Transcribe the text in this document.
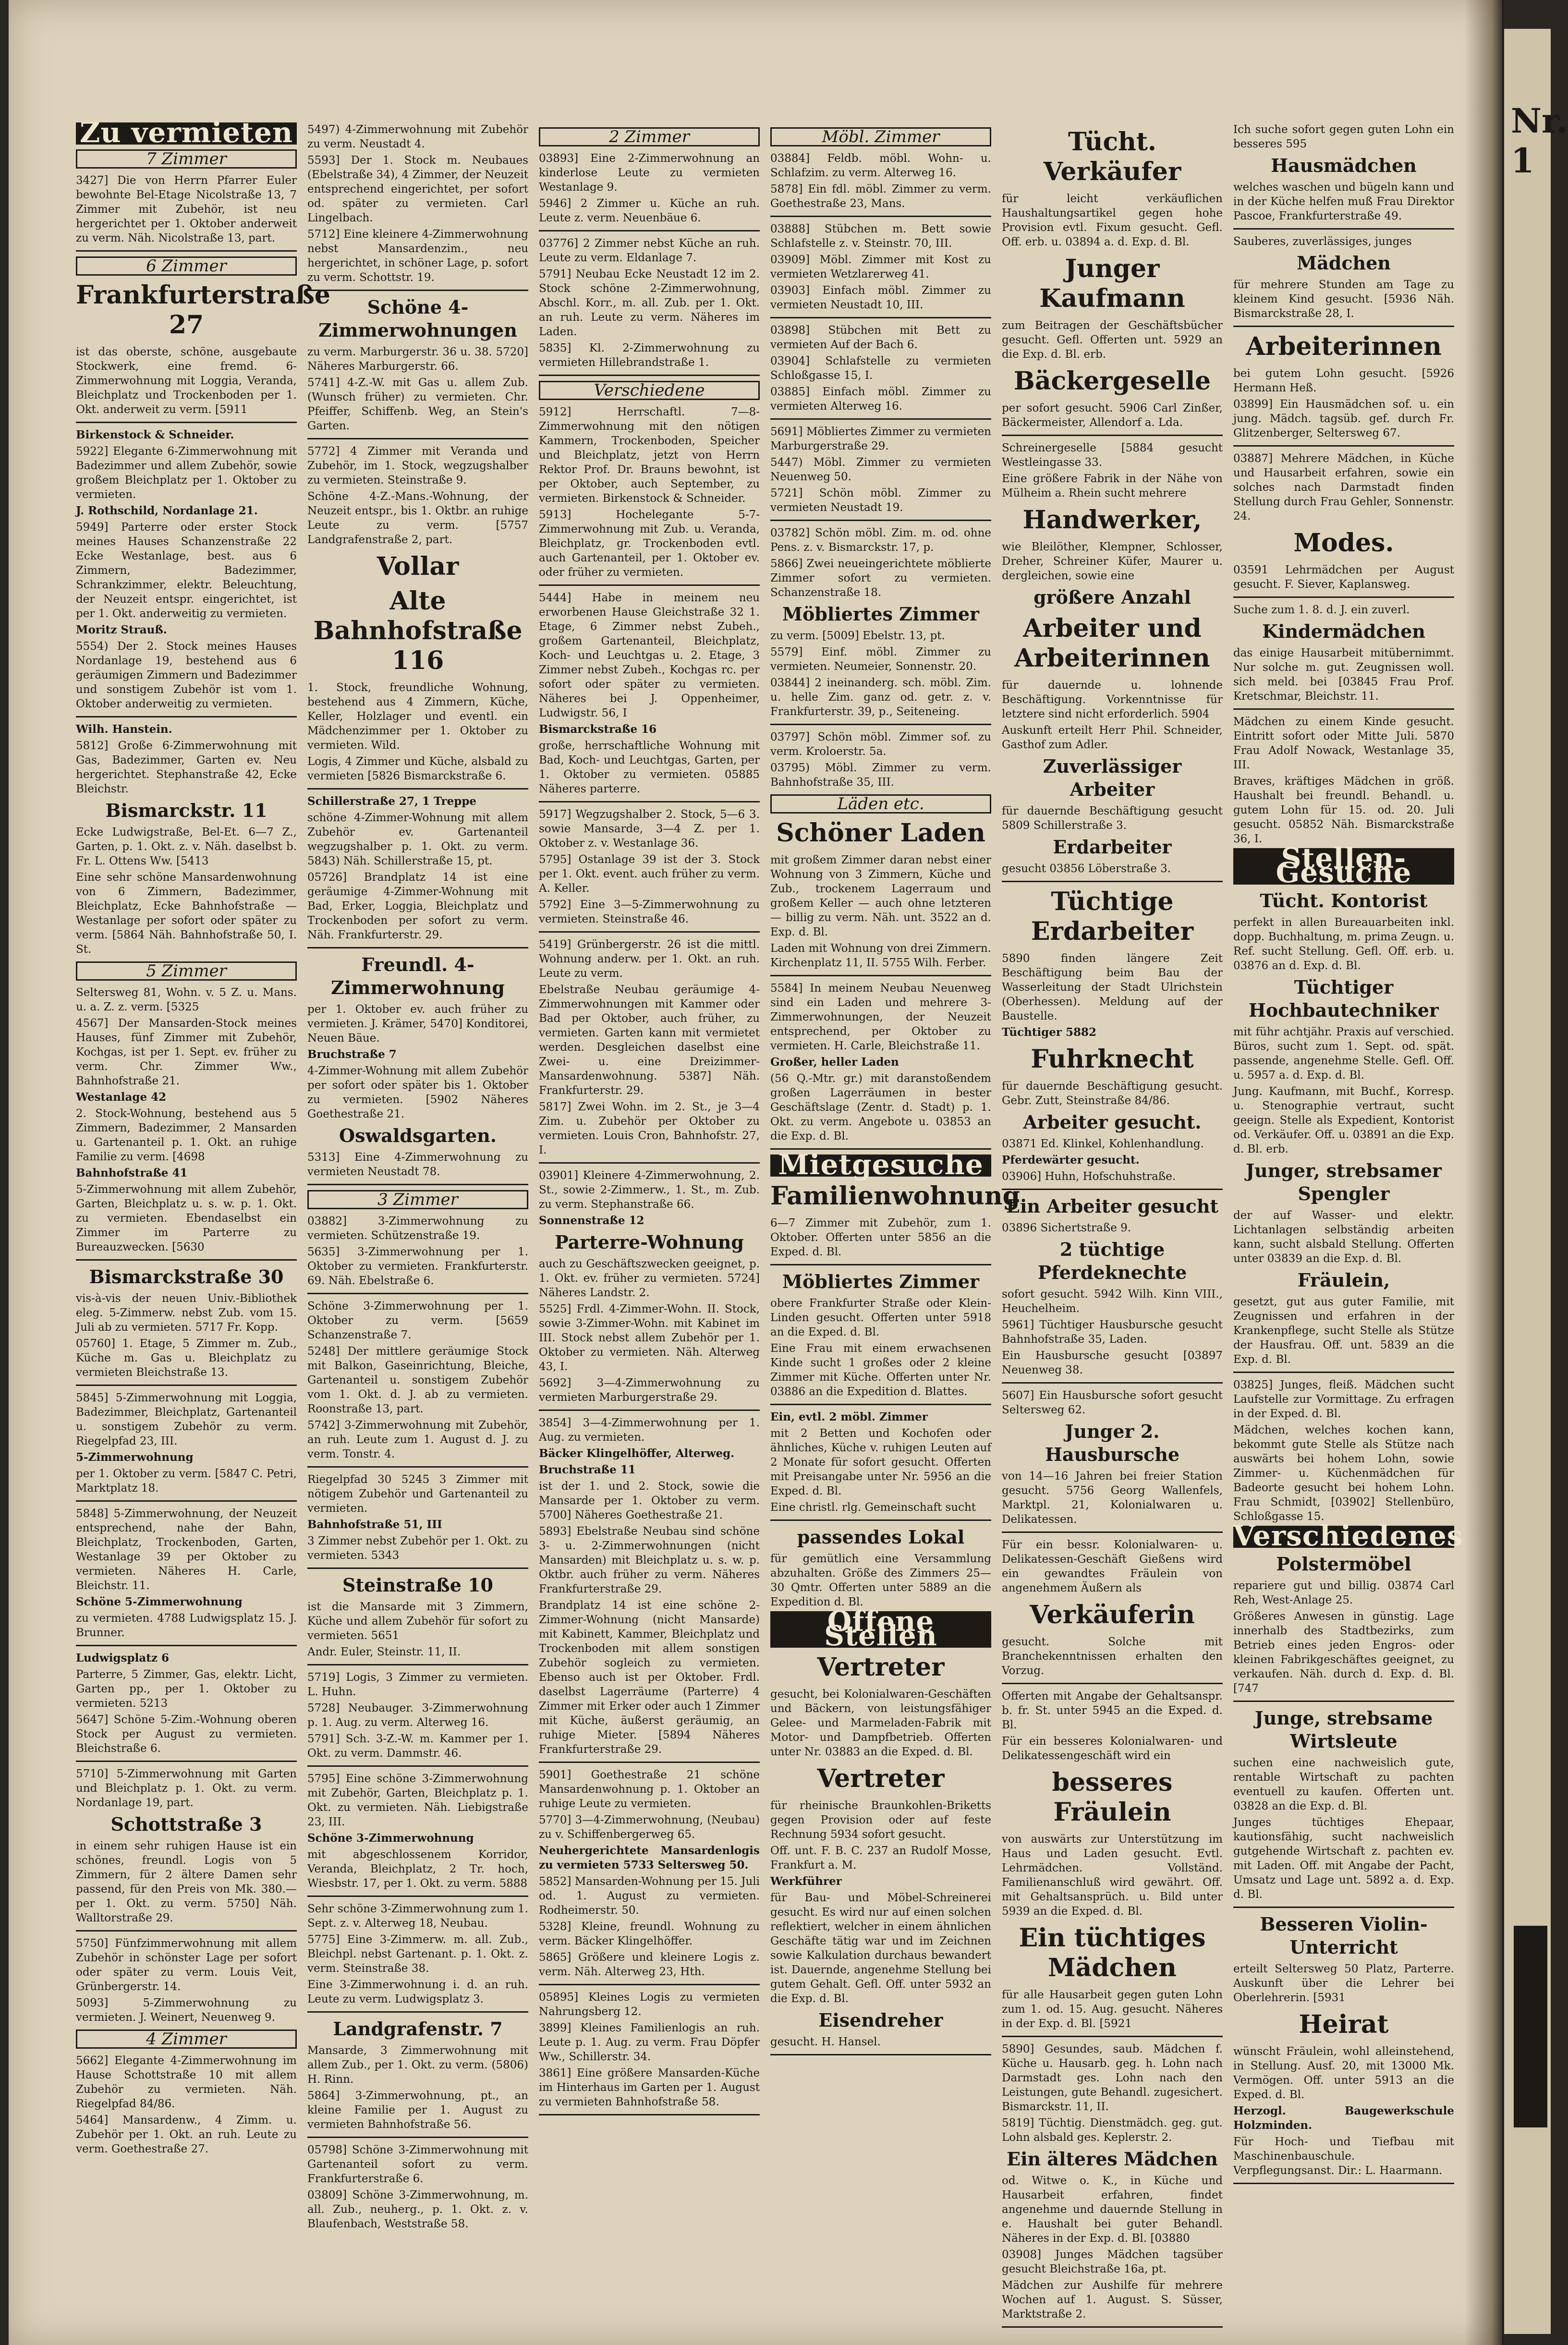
Zu vermieten
7 Zimmer

3427] Die von Herrn Pfarrer Euler bewohnte Bel-Etage Nicolstraße 13, 7 Zimmer mit Zubehör, ist neu hergerichtet per 1. Oktober anderweit zu verm. Näh. Nicolstraße 13, part.

6 Zimmer
Frankfurterstraße 27

ist das oberste, schöne, ausgebaute Stockwerk, eine fremd. 6-Zimmerwohnung mit Loggia, Veranda, Bleichplatz und Trockenboden per 1. Okt. anderweit zu verm. [5911

Birkenstock & Schneider.

5922] Elegante 6-Zimmerwohnung mit Badezimmer und allem Zubehör, sowie großem Bleichplatz per 1. Oktober zu vermieten.

J. Rothschild, Nordanlage 21.

5949] Parterre oder erster Stock meines Hauses Schanzenstraße 22 Ecke Westanlage, best. aus 6 Zimmern, Badezimmer, Schrankzimmer, elektr. Beleuchtung, der Neuzeit entspr. eingerichtet, ist per 1. Okt. anderweitig zu vermieten.

Moritz Strauß.

5554) Der 2. Stock meines Hauses Nordanlage 19, bestehend aus 6 geräumigen Zimmern und Badezimmer und sonstigem Zubehör ist vom 1. Oktober anderweitig zu vermieten.

Wilh. Hanstein.

5812] Große 6-Zimmerwohnung mit Gas, Badezimmer, Garten ev. Neu hergerichtet. Stephanstraße 42, Ecke Bleichstr.

Bismarckstr. 11

Ecke Ludwigstraße, Bel-Et. 6—7 Z., Garten, p. 1. Okt. z. v. Näh. daselbst b. Fr. L. Ottens Ww. [5413

Eine sehr schöne Mansardenwohnung von 6 Zimmern, Badezimmer, Bleichplatz, Ecke Bahnhofstraße — Westanlage per sofort oder später zu verm. [5864 Näh. Bahnhofstraße 50, I. St.

5 Zimmer

Seltersweg 81, Wohn. v. 5 Z. u. Mans. u. a. Z. z. verm. [5325

4567] Der Mansarden-Stock meines Hauses, fünf Zimmer mit Zubehör, Kochgas, ist per 1. Sept. ev. früher zu verm. Chr. Zimmer Ww., Bahnhofstraße 21.

Westanlage 42

2. Stock-Wohnung, bestehend aus 5 Zimmern, Badezimmer, 2 Mansarden u. Gartenanteil p. 1. Okt. an ruhige Familie zu verm. [4698

Bahnhofstraße 41

5-Zimmerwohnung mit allem Zubehör, Garten, Bleichplatz u. s. w. p. 1. Okt. zu vermieten. Ebendaselbst ein Zimmer im Parterre zu Bureauzwecken. [5630

Bismarckstraße 30

vis-à-vis der neuen Univ.-Bibliothek eleg. 5-Zimmerw. nebst Zub. vom 15. Juli ab zu vermieten. 5717 Fr. Kopp.

05760] 1. Etage, 5 Zimmer m. Zub., Küche m. Gas u. Bleichplatz zu vermieten Bleichstraße 13.

5845] 5-Zimmerwohnung mit Loggia, Badezimmer, Bleichplatz, Gartenanteil u. sonstigem Zubehör zu verm. Riegelpfad 23, III.

5-Zimmerwohnung

per 1. Oktober zu verm. [5847 C. Petri, Marktplatz 18.

5848] 5-Zimmerwohnung, der Neuzeit entsprechend, nahe der Bahn, Bleichplatz, Trockenboden, Garten, Westanlage 39 per Oktober zu vermieten. Näheres H. Carle, Bleichstr. 11.

Schöne 5-Zimmerwohnung

zu vermieten. 4788 Ludwigsplatz 15. J. Brunner.

Ludwigsplatz 6

Parterre, 5 Zimmer, Gas, elektr. Licht, Garten pp., per 1. Oktober zu vermieten. 5213

5647] Schöne 5-Zim.-Wohnung oberen Stock per August zu vermieten. Bleichstraße 6.

5710] 5-Zimmerwohnung mit Garten und Bleichplatz p. 1. Okt. zu verm. Nordanlage 19, part.

Schottstraße 3

in einem sehr ruhigen Hause ist ein schönes, freundl. Logis von 5 Zimmern, für 2 ältere Damen sehr passend, für den Preis von Mk. 380.— per 1. Okt. zu verm. 5750] Näh. Walltorstraße 29.

5750] Fünfzimmerwohnung mit allem Zubehör in schönster Lage per sofort oder später zu verm. Louis Veit, Grünbergerstr. 14.

5093] 5-Zimmerwohnung zu vermieten. J. Weinert, Neuenweg 9.

4 Zimmer

5662] Elegante 4-Zimmerwohnung im Hause Schottstraße 10 mit allem Zubehör zu vermieten. Näh. Riegelpfad 84/86.

5464] Mansardenw., 4 Zimm. u. Zubehör per 1. Okt. an ruh. Leute zu verm. Goethestraße 27.

5497) 4-Zimmerwohnung mit Zubehör zu verm. Neustadt 4.

5593] Der 1. Stock m. Neubaues (Ebelstraße 34), 4 Zimmer, der Neuzeit entsprechend eingerichtet, per sofort od. später zu vermieten. Carl Lingelbach.

5712] Eine kleinere 4-Zimmerwohnung nebst Mansardenzim., neu hergerichtet, in schöner Lage, p. sofort zu verm. Schottstr. 19.

Schöne 4-Zimmerwohnungen

zu verm. Marburgerstr. 36 u. 38. 5720] Näheres Marburgerstr. 66.

5741] 4-Z.-W. mit Gas u. allem Zub. (Wunsch früher) zu vermieten. Chr. Pfeiffer, Schiffenb. Weg, an Stein's Garten.

5772] 4 Zimmer mit Veranda und Zubehör, im 1. Stock, wegzugshalber zu vermieten. Steinstraße 9.

Schöne 4-Z.-Mans.-Wohnung, der Neuzeit entspr., bis 1. Oktbr. an ruhige Leute zu verm. [5757 Landgrafenstraße 2, part.

Vollar
Alte Bahnhofstraße 116

1. Stock, freundliche Wohnung, bestehend aus 4 Zimmern, Küche, Keller, Holzlager und eventl. ein Mädchenzimmer per 1. Oktober zu vermieten. Wild.

Logis, 4 Zimmer und Küche, alsbald zu vermieten [5826 Bismarckstraße 6.

Schillerstraße 27, 1 Treppe

schöne 4-Zimmer-Wohnung mit allem Zubehör ev. Gartenanteil wegzugshalber p. 1. Okt. zu verm. 5843) Näh. Schillerstraße 15, pt.

05726] Brandplatz 14 ist eine geräumige 4-Zimmer-Wohnung mit Bad, Erker, Loggia, Bleichplatz und Trockenboden per sofort zu verm. Näh. Frankfurterstr. 29.

Freundl. 4-Zimmerwohnung

per 1. Oktober ev. auch früher zu vermieten. J. Krämer, 5470] Konditorei, Neuen Bäue.

Bruchstraße 7

4-Zimmer-Wohnung mit allem Zubehör per sofort oder später bis 1. Oktober zu vermieten. [5902 Näheres Goethestraße 21.

Oswaldsgarten.

5313] Eine 4-Zimmerwohnung zu vermieten Neustadt 78.

3 Zimmer

03882] 3-Zimmerwohnung zu vermieten. Schützenstraße 19.

5635] 3-Zimmerwohnung per 1. Oktober zu vermieten. Frankfurterstr. 69. Näh. Ebelstraße 6.

Schöne 3-Zimmerwohnung per 1. Oktober zu verm. [5659 Schanzenstraße 7.

5248] Der mittlere geräumige Stock mit Balkon, Gaseinrichtung, Bleiche, Gartenanteil u. sonstigem Zubehör vom 1. Okt. d. J. ab zu vermieten. Roonstraße 13, part.

5742] 3-Zimmerwohnung mit Zubehör, an ruh. Leute zum 1. August d. J. zu verm. Tonstr. 4.

Riegelpfad 30 5245 3 Zimmer mit nötigem Zubehör und Gartenanteil zu vermieten.

Bahnhofstraße 51, III

3 Zimmer nebst Zubehör per 1. Okt. zu vermieten. 5343

Steinstraße 10

ist die Mansarde mit 3 Zimmern, Küche und allem Zubehör für sofort zu vermieten. 5651

Andr. Euler, Steinstr. 11, II.

5719] Logis, 3 Zimmer zu vermieten. L. Huhn.

5728] Neubauger. 3-Zimmerwohnung p. 1. Aug. zu verm. Alterweg 16.

5791] Sch. 3-Z.-W. m. Kammer per 1. Okt. zu verm. Dammstr. 46.

5795] Eine schöne 3-Zimmerwohnung mit Zubehör, Garten, Bleichplatz p. 1. Okt. zu vermieten. Näh. Liebigstraße 23, III.

Schöne 3-Zimmerwohnung

mit abgeschlossenem Korridor, Veranda, Bleichplatz, 2 Tr. hoch, Wiesbstr. 17, per 1. Okt. zu verm. 5888

Sehr schöne 3-Zimmerwohnung zum 1. Sept. z. v. Alterweg 18, Neubau.

5775] Eine 3-Zimmerw. m. all. Zub., Bleichpl. nebst Gartenant. p. 1. Okt. z. verm. Steinstraße 38.

Eine 3-Zimmerwohnung i. d. an ruh. Leute zu verm. Ludwigsplatz 3.

Landgrafenstr. 7

Mansarde, 3 Zimmerwohnung mit allem Zub., per 1. Okt. zu verm. (5806) H. Rinn.

5864] 3-Zimmerwohnung, pt., an kleine Familie per 1. August zu vermieten Bahnhofstraße 56.

05798] Schöne 3-Zimmerwohnung mit Gartenanteil sofort zu verm. Frankfurterstraße 6.

03809] Schöne 3-Zimmerwohnung, m. all. Zub., neuherg., p. 1. Okt. z. v. Blaufenbach, Weststraße 58.

2 Zimmer

03893] Eine 2-Zimmerwohnung an kinderlose Leute zu vermieten Westanlage 9.

5946] 2 Zimmer u. Küche an ruh. Leute z. verm. Neuenbäue 6.

03776] 2 Zimmer nebst Küche an ruh. Leute zu verm. Eldanlage 7.

5791] Neubau Ecke Neustadt 12 im 2. Stock schöne 2-Zimmerwohnung, Abschl. Korr., m. all. Zub. per 1. Okt. an ruh. Leute zu verm. Näheres im Laden.

5835] Kl. 2-Zimmerwohnung zu vermieten Hillebrandstraße 1.

Verschiedene

5912] Herrschaftl. 7—8-Zimmerwohnung mit den nötigen Kammern, Trockenboden, Speicher und Bleichplatz, jetzt von Herrn Rektor Prof. Dr. Brauns bewohnt, ist per Oktober, auch September, zu vermieten. Birkenstock & Schneider.

5913] Hochelegante 5-7-Zimmerwohnung mit Zub. u. Veranda, Bleichplatz, gr. Trockenboden evtl. auch Gartenanteil, per 1. Oktober ev. oder früher zu vermieten.

5444] Habe in meinem neu erworbenen Hause Gleichstraße 32 1. Etage, 6 Zimmer nebst Zubeh., großem Gartenanteil, Bleichplatz, Koch- und Leuchtgas u. 2. Etage, 3 Zimmer nebst Zubeh., Kochgas rc. per sofort oder später zu vermieten. Näheres bei J. Oppenheimer, Ludwigstr. 56, I

Bismarckstraße 16

große, herrschaftliche Wohnung mit Bad, Koch- und Leuchtgas, Garten, per 1. Oktober zu vermieten. 05885 Näheres parterre.

5917] Wegzugshalber 2. Stock, 5—6 3. sowie Mansarde, 3—4 Z. per 1. Oktober z. v. Westanlage 36.

5795] Ostanlage 39 ist der 3. Stock per 1. Okt. event. auch früher zu verm. A. Keller.

5792] Eine 3—5-Zimmerwohnung zu vermieten. Steinstraße 46.

5419] Grünbergerstr. 26 ist die mittl. Wohnung anderw. per 1. Okt. an ruh. Leute zu verm.

Ebelstraße Neubau geräumige 4-Zimmerwohnungen mit Kammer oder Bad per Oktober, auch früher, zu vermieten. Garten kann mit vermietet werden. Desgleichen daselbst eine Zwei- u. eine Dreizimmer-Mansardenwohnung. 5387] Näh. Frankfurterstr. 29.

5817] Zwei Wohn. im 2. St., je 3—4 Zim. u. Zubehör per Oktober zu vermieten. Louis Cron, Bahnhofstr. 27, I.

03901] Kleinere 4-Zimmerwohnung, 2. St., sowie 2-Zimmerw., 1. St., m. Zub. zu verm. Stephanstraße 66.

Sonnenstraße 12

Parterre-Wohnung

auch zu Geschäftszwecken geeignet, p. 1. Okt. ev. früher zu vermieten. 5724] Näheres Landstr. 2.

5525] Frdl. 4-Zimmer-Wohn. II. Stock, sowie 3-Zimmer-Wohn. mit Kabinet im III. Stock nebst allem Zubehör per 1. Oktober zu vermieten. Näh. Alterweg 43, I.

5692] 3—4-Zimmerwohnung zu vermieten Marburgerstraße 29.

3854] 3—4-Zimmerwohnung per 1. Aug. zu vermieten.

Bäcker Klingelhöffer, Alterweg.

Bruchstraße 11

ist der 1. und 2. Stock, sowie die Mansarde per 1. Oktober zu verm. 5700] Näheres Goethestraße 21.

5893] Ebelstraße Neubau sind schöne 3- u. 2-Zimmerwohnungen (nicht Mansarden) mit Bleichplatz u. s. w. p. Oktbr. auch früher zu verm. Näheres Frankfurterstraße 29.

Brandplatz 14 ist eine schöne 2-Zimmer-Wohnung (nicht Mansarde) mit Kabinett, Kammer, Bleichplatz und Trockenboden mit allem sonstigen Zubehör sogleich zu vermieten. Ebenso auch ist per Oktober. Frdl. daselbst Lagerräume (Parterre) 4 Zimmer mit Erker oder auch 1 Zimmer mit Küche, äußerst geräumig, an ruhige Mieter. [5894 Näheres Frankfurterstraße 29.

5901] Goethestraße 21 schöne Mansardenwohnung p. 1. Oktober an ruhige Leute zu vermieten.

5770] 3—4-Zimmerwohnung, (Neubau) zu v. Schiffenbergerweg 65.

Neuhergerichtete Mansardenlogis zu vermieten 5733 Seltersweg 50.

5852] Mansarden-Wohnung per 15. Juli od. 1. August zu vermieten. Rodheimerstr. 50.

5328] Kleine, freundl. Wohnung zu verm. Bäcker Klingelhöffer.

5865] Größere und kleinere Logis z. verm. Näh. Alterweg 23, Hth.

05895] Kleines Logis zu vermieten Nahrungsberg 12.

3899] Kleines Familienlogis an ruh. Leute p. 1. Aug. zu verm. Frau Döpfer Ww., Schillerstr. 34.

3861] Eine größere Mansarden-Küche im Hinterhaus im Garten per 1. August zu vermieten Bahnhofstraße 58.

Möbl. Zimmer

03884] Feldb. möbl. Wohn- u. Schlafzim. zu verm. Alterweg 16.

5878] Ein fdl. möbl. Zimmer zu verm. Goethestraße 23, Mans.

03888] Stübchen m. Bett sowie Schlafstelle z. v. Steinstr. 70, III.

03909] Möbl. Zimmer mit Kost zu vermieten Wetzlarerweg 41.

03903] Einfach möbl. Zimmer zu vermieten Neustadt 10, III.

03898] Stübchen mit Bett zu vermieten Auf der Bach 6.

03904] Schlafstelle zu vermieten Schloßgasse 15, I.

03885] Einfach möbl. Zimmer zu vermieten Alterweg 16.

5691] Möbliertes Zimmer zu vermieten Marburgerstraße 29.

5447) Möbl. Zimmer zu vermieten Neuenweg 50.

5721] Schön möbl. Zimmer zu vermieten Neustadt 19.

03782] Schön möbl. Zim. m. od. ohne Pens. z. v. Bismarckstr. 17, p.

5866] Zwei neueingerichtete möblierte Zimmer sofort zu vermieten. Schanzenstraße 18.

Möbliertes Zimmer

zu verm. [5009] Ebelstr. 13, pt.

5579] Einf. möbl. Zimmer zu vermieten. Neumeier, Sonnenstr. 20.

03844] 2 ineinanderg. sch. möbl. Zim. u. helle Zim. ganz od. getr. z. v. Frankfurterstr. 39, p., Seiteneing.

03797] Schön möbl. Zimmer sof. zu verm. Kroloerstr. 5a.

03795) Möbl. Zimmer zu verm. Bahnhofstraße 35, III.

Läden etc.
Schöner Laden

mit großem Zimmer daran nebst einer Wohnung von 3 Zimmern, Küche und Zub., trockenem Lagerraum und großem Keller — auch ohne letzteren — billig zu verm. Näh. unt. 3522 an d. Exp. d. Bl.

Laden mit Wohnung von drei Zimmern. Kirchenplatz 11, II. 5755 Wilh. Ferber.

5584] In meinem Neubau Neuenweg sind ein Laden und mehrere 3-Zimmerwohnungen, der Neuzeit entsprechend, per Oktober zu vermieten. H. Carle, Bleichstraße 11.

Großer, heller Laden

(56 Q.-Mtr. gr.) mit daranstoßendem großen Lagerräumen in bester Geschäftslage (Zentr. d. Stadt) p. 1. Okt. zu verm. Angebote u. 03853 an die Exp. d. Bl.

Mietgesuche
Familienwohnung

6—7 Zimmer mit Zubehör, zum 1. Oktober. Offerten unter 5856 an die Exped. d. Bl.

Möbliertes Zimmer

obere Frankfurter Straße oder Klein-Linden gesucht. Offerten unter 5918 an die Exped. d. Bl.

Eine Frau mit einem erwachsenen Kinde sucht 1 großes oder 2 kleine Zimmer mit Küche. Offerten unter Nr. 03886 an die Expedition d. Blattes.

Ein, evtl. 2 möbl. Zimmer

mit 2 Betten und Kochofen oder ähnliches, Küche v. ruhigen Leuten auf 2 Monate für sofort gesucht. Offerten mit Preisangabe unter Nr. 5956 an die Exped. d. Bl.

Eine christl. rlg. Gemeinschaft sucht

passendes Lokal

für gemütlich eine Versammlung abzuhalten. Größe des Zimmers 25—30 Qmtr. Offerten unter 5889 an die Expedition d. Bl.

Offene Stellen
Vertreter

gesucht, bei Kolonialwaren-Geschäften und Bäckern, von leistungsfähiger Gelee- und Marmeladen-Fabrik mit Motor- und Dampfbetrieb. Offerten unter Nr. 03883 an die Exped. d. Bl.

Vertreter

für rheinische Braunkohlen-Briketts gegen Provision oder auf feste Rechnung 5934 sofort gesucht.

Off. unt. F. B. C. 237 an Rudolf Mosse, Frankfurt a. M.

Werkführer

für Bau- und Möbel-Schreinerei gesucht. Es wird nur auf einen solchen reflektiert, welcher in einem ähnlichen Geschäfte tätig war und im Zeichnen sowie Kalkulation durchaus bewandert ist. Dauernde, angenehme Stellung bei gutem Gehalt. Gefl. Off. unter 5932 an die Exp. d. Bl.

Eisendreher

gesucht. H. Hansel.

Tücht. Verkäufer

für leicht verkäuflichen Haushaltungsartikel gegen hohe Provision evtl. Fixum gesucht. Gefl. Off. erb. u. 03894 a. d. Exp. d. Bl.

Junger Kaufmann

zum Beitragen der Geschäftsbücher gesucht. Gefl. Offerten unt. 5929 an die Exp. d. Bl. erb.

Bäckergeselle

per sofort gesucht. 5906 Carl Zinßer, Bäckermeister, Allendorf a. Lda.

Schreinergeselle [5884 gesucht Westleingasse 33.

Eine größere Fabrik in der Nähe von Mülheim a. Rhein sucht mehrere

Handwerker,

wie Bleilöther, Klempner, Schlosser, Dreher, Schreiner Küfer, Maurer u. dergleichen, sowie eine

größere Anzahl
Arbeiter und Arbeiterinnen

für dauernde u. lohnende Beschäftigung. Vorkenntnisse für letztere sind nicht erforderlich. 5904

Auskunft erteilt Herr Phil. Schneider, Gasthof zum Adler.

Zuverlässiger Arbeiter

für dauernde Beschäftigung gesucht 5809 Schillerstraße 3.

Erdarbeiter

gesucht 03856 Löberstraße 3.

Tüchtige Erdarbeiter

5890 finden längere Zeit Beschäftigung beim Bau der Wasserleitung der Stadt Ulrichstein (Oberhessen). Meldung auf der Baustelle.

Tüchtiger 5882

Fuhrknecht

für dauernde Beschäftigung gesucht. Gebr. Zutt, Steinstraße 84/86.

Arbeiter gesucht.

03871 Ed. Klinkel, Kohlenhandlung.

Pferdewärter gesucht.

03906] Huhn, Hofschuhstraße.

Ein Arbeiter gesucht

03896 Sichertstraße 9.

2 tüchtige Pferdeknechte

sofort gesucht. 5942 Wilh. Kinn VIII., Heuchelheim.

5961] Tüchtiger Hausbursche gesucht Bahnhofstraße 35, Laden.

Ein Hausbursche gesucht [03897 Neuenweg 38.

5607] Ein Hausbursche sofort gesucht Seltersweg 62.

Junger 2. Hausbursche

von 14—16 Jahren bei freier Station gesucht. 5756 Georg Wallenfels, Marktpl. 21, Kolonialwaren u. Delikatessen.

Für ein bessr. Kolonialwaren- u. Delikatessen-Geschäft Gießens wird ein gewandtes Fräulein von angenehmem Äußern als

Verkäuferin

gesucht. Solche mit Branchekenntnissen erhalten den Vorzug.

Offerten mit Angabe der Gehaltsanspr. b. fr. St. unter 5945 an die Exped. d. Bl.

Für ein besseres Kolonialwaren- und Delikatessengeschäft wird ein

besseres Fräulein

von auswärts zur Unterstützung im Haus und Laden gesucht. Evtl. Lehrmädchen. Vollständ. Familienanschluß wird gewährt. Off. mit Gehaltsansprüch. u. Bild unter 5939 an die Exped. d. Bl.

Ein tüchtiges Mädchen

für alle Hausarbeit gegen guten Lohn zum 1. od. 15. Aug. gesucht. Näheres in der Exp. d. Bl. [5921

5890] Gesundes, saub. Mädchen f. Küche u. Hausarb. geg. h. Lohn nach Darmstadt ges. Lohn nach den Leistungen, gute Behandl. zugesichert. Bismarckstr. 11, II.

5819] Tüchtig. Dienstmädch. geg. gut. Lohn alsbald ges. Keplerstr. 2.

Ein älteres Mädchen

od. Witwe o. K., in Küche und Hausarbeit erfahren, findet angenehme und dauernde Stellung in e. Haushalt bei guter Behandl. Näheres in der Exp. d. Bl. [03880

03908] Junges Mädchen tagsüber gesucht Bleichstraße 16a, pt.

Mädchen zur Aushilfe für mehrere Wochen auf 1. August. S. Süsser, Marktstraße 2.

Ich suche sofort gegen guten Lohn ein besseres 595

Hausmädchen

welches waschen und bügeln kann und in der Küche helfen muß Frau Direktor Pascoe, Frankfurterstraße 49.

Sauberes, zuverlässiges, junges

Mädchen

für mehrere Stunden am Tage zu kleinem Kind gesucht. [5936 Näh. Bismarckstraße 28, I.

Arbeiterinnen

bei gutem Lohn gesucht. [5926 Hermann Heß.

03899] Ein Hausmädchen sof. u. ein jung. Mädch. tagsüb. gef. durch Fr. Glitzenberger, Seltersweg 67.

03887] Mehrere Mädchen, in Küche und Hausarbeit erfahren, sowie ein solches nach Darmstadt finden Stellung durch Frau Gehler, Sonnenstr. 24.

Modes.

03591 Lehrmädchen per August gesucht. F. Siever, Kaplansweg.

Suche zum 1. 8. d. J. ein zuverl.

Kindermädchen

das einige Hausarbeit mitübernimmt. Nur solche m. gut. Zeugnissen woll. sich meld. bei [03845 Frau Prof. Kretschmar, Bleichstr. 11.

Mädchen zu einem Kinde gesucht. Eintritt sofort oder Mitte Juli. 5870 Frau Adolf Nowack, Westanlage 35, III.

Braves, kräftiges Mädchen in größ. Haushalt bei freundl. Behandl. u. gutem Lohn für 15. od. 20. Juli gesucht. 05852 Näh. Bismarckstraße 36, I.

Stellen-Gesuche
Tücht. Kontorist

perfekt in allen Bureauarbeiten inkl. dopp. Buchhaltung, m. prima Zeugn. u. Ref. sucht Stellung. Gefl. Off. erb. u. 03876 an d. Exp. d. Bl.

Tüchtiger Hochbautechniker

mit führ achtjähr. Praxis auf verschied. Büros, sucht zum 1. Sept. od. spät. passende, angenehme Stelle. Gefl. Off. u. 5957 a. d. Exp. d. Bl.

Jung. Kaufmann, mit Buchf., Korresp. u. Stenographie vertraut, sucht geeign. Stelle als Expedient, Kontorist od. Verkäufer. Off. u. 03891 an die Exp. d. Bl. erb.

Junger, strebsamer Spengler

der auf Wasser- und elektr. Lichtanlagen selbständig arbeiten kann, sucht alsbald Stellung. Offerten unter 03839 an die Exp. d. Bl.

Fräulein,

gesetzt, gut aus guter Familie, mit Zeugnissen und erfahren in der Krankenpflege, sucht Stelle als Stütze der Hausfrau. Off. unt. 5839 an die Exp. d. Bl.

03825] Junges, fleiß. Mädchen sucht Laufstelle zur Vormittage. Zu erfragen in der Exped. d. Bl.

Mädchen, welches kochen kann, bekommt gute Stelle als Stütze nach auswärts bei hohem Lohn, sowie Zimmer- u. Küchenmädchen für Badeorte gesucht bei hohem Lohn. Frau Schmidt, [03902] Stellenbüro, Schloßgasse 15.

Verschiedenes
Polstermöbel

repariere gut und billig. 03874 Carl Reh, West-Anlage 25.

Größeres Anwesen in günstig. Lage innerhalb des Stadtbezirks, zum Betrieb eines jeden Engros- oder kleinen Fabrikgeschäftes geeignet, zu verkaufen. Näh. durch d. Exp. d. Bl. [747

Junge, strebsame Wirtsleute

suchen eine nachweislich gute, rentable Wirtschaft zu pachten eventuell zu kaufen. Offerten unt. 03828 an die Exp. d. Bl.

Junges tüchtiges Ehepaar, kautionsfähig, sucht nachweislich gutgehende Wirtschaft z. pachten ev. mit Laden. Off. mit Angabe der Pacht, Umsatz und Lage unt. 5892 a. d. Exp. d. Bl.

Besseren Violin-Unterricht

erteilt Seltersweg 50 Platz, Parterre. Auskunft über die Lehrer bei Oberlehrerin. [5931

Heirat

wünscht Fräulein, wohl alleinstehend, in Stellung. Ausf. 20, mit 13000 Mk. Vermögen. Off. unter 5913 an die Exped. d. Bl.

Herzogl. Baugewerkschule Holzminden.

Für Hoch- und Tiefbau mit Maschinenbauschule. Verpflegungsanst. Dir.: L. Haarmann.

Nr. 1
